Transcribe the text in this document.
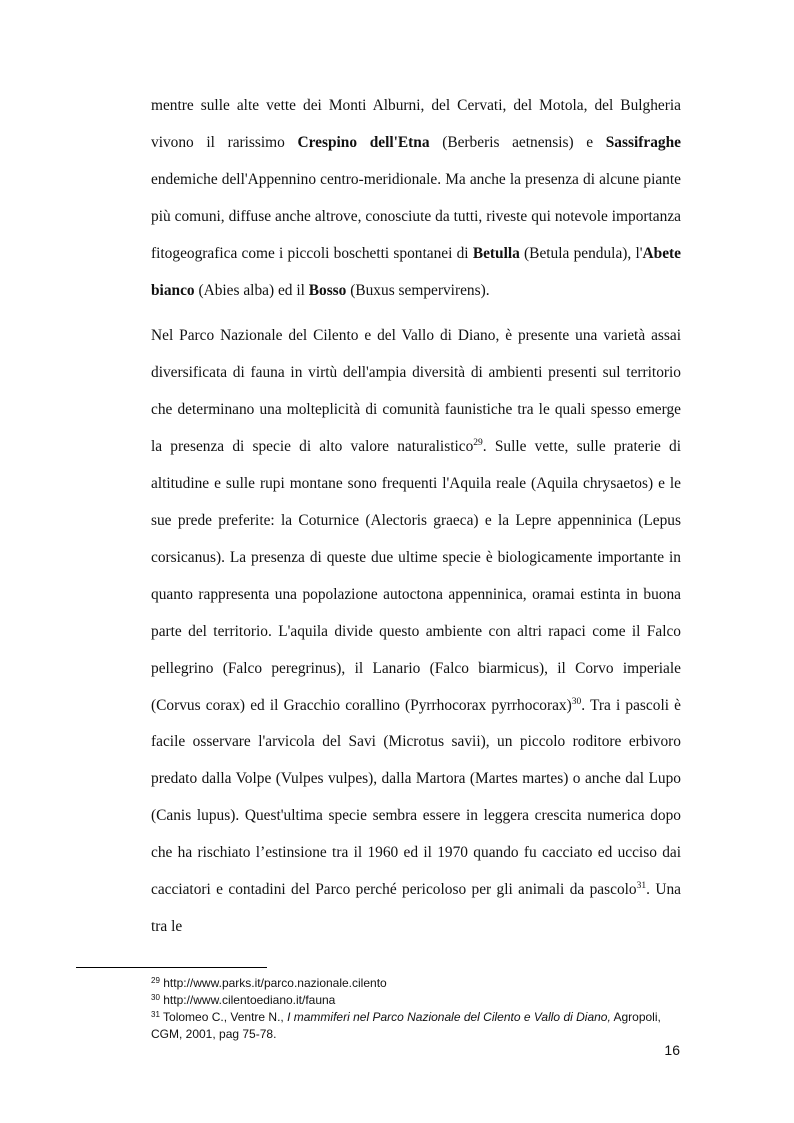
mentre sulle alte vette dei Monti Alburni, del Cervati, del Motola, del Bulgheria vivono il rarissimo Crespino dell'Etna (Berberis aetnensis) e Sassifraghe endemiche dell'Appennino centro-meridionale. Ma anche la presenza di alcune piante più comuni, diffuse anche altrove, conosciute da tutti, riveste qui notevole importanza fitogeografica come i piccoli boschetti spontanei di Betulla (Betula pendula), l'Abete bianco (Abies alba) ed il Bosso (Buxus sempervirens).

Nel Parco Nazionale del Cilento e del Vallo di Diano, è presente una varietà assai diversificata di fauna in virtù dell'ampia diversità di ambienti presenti sul territorio che determinano una molteplicità di comunità faunistiche tra le quali spesso emerge la presenza di specie di alto valore naturalistico$^{29}$. Sulle vette, sulle praterie di altitudine e sulle rupi montane sono frequenti l'Aquila reale (Aquila chrysaetos) e le sue prede preferite: la Coturnice (Alectoris graeca) e la Lepre appenninica (Lepus corsicanus). La presenza di queste due ultime specie è biologicamente importante in quanto rappresenta una popolazione autoctona appenninica, oramai estinta in buona parte del territorio. L'aquila divide questo ambiente con altri rapaci come il Falco pellegrino (Falco peregrinus), il Lanario (Falco biarmicus), il Corvo imperiale (Corvus corax) ed il Gracchio corallino (Pyrrhocorax pyrrhocorax)$^{30}$. Tra i pascoli è facile osservare l'arvicola del Savi (Microtus savii), un piccolo roditore erbivoro predato dalla Volpe (Vulpes vulpes), dalla Martora (Martes martes) o anche dal Lupo (Canis lupus). Quest'ultima specie sembra essere in leggera crescita numerica dopo che ha rischiato l’estinsione tra il 1960 ed il 1970 quando fu cacciato ed ucciso dai cacciatori e contadini del Parco perché pericoloso per gli animali da pascolo$^{31}$. Una tra le

$^{29}$ http://www.parks.it/parco.nazionale.cilento
$^{30}$ http://www.cilentoediano.it/fauna
$^{31}$ Tolomeo C., Ventre N., I mammiferi nel Parco Nazionale del Cilento e Vallo di Diano, Agropoli, CGM, 2001, pag 75-78.
16
